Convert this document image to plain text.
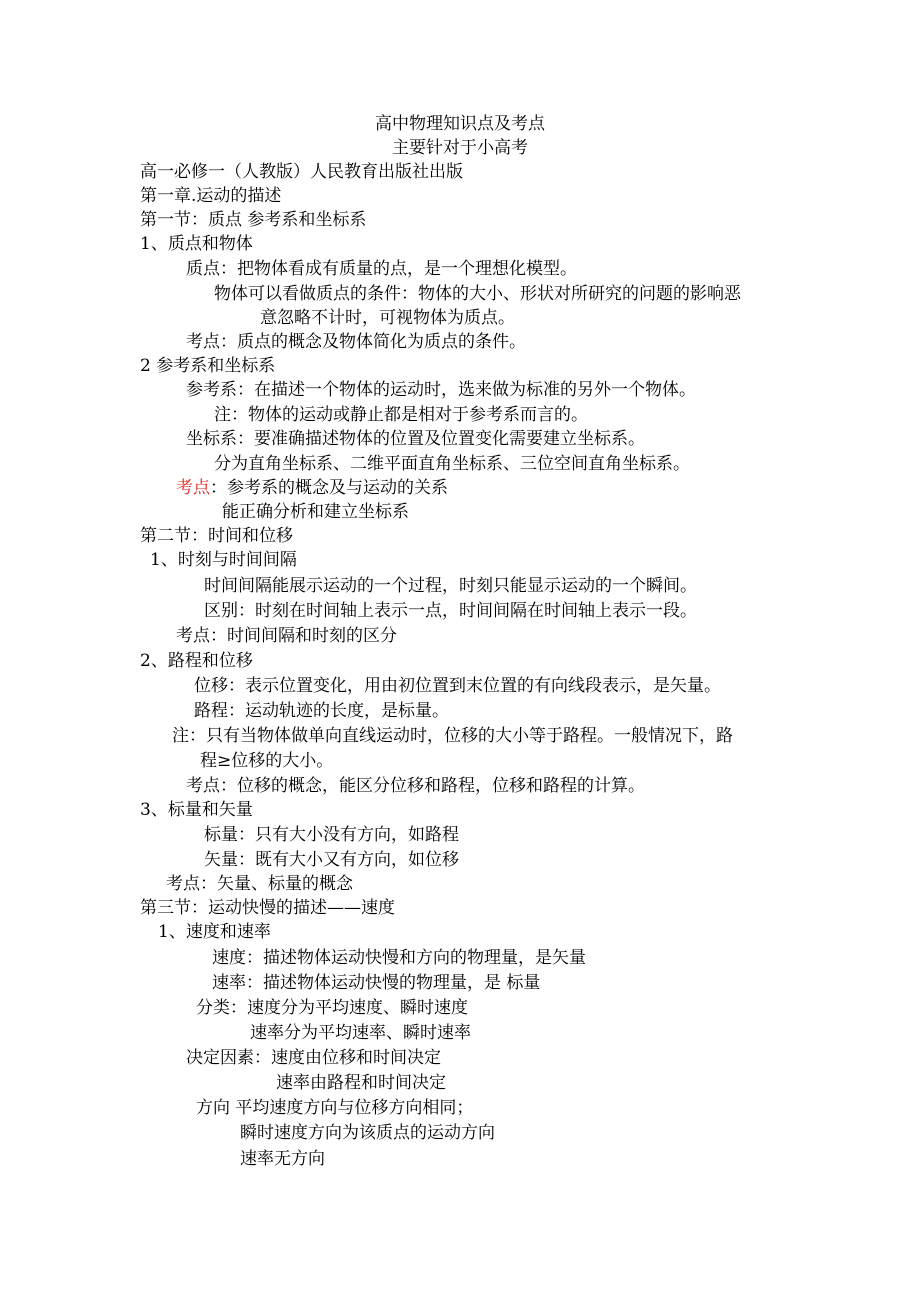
高中物理知识点及考点

主要针对于小高考

高一必修一（人教版）人民教育出版社出版

第一章.运动的描述

第一节：质点 参考系和坐标系

1、质点和物体

质点：把物体看成有质量的点，是一个理想化模型。

物体可以看做质点的条件：物体的大小、形状对所研究的问题的影响恶

意忽略不计时，可视物体为质点。

考点：质点的概念及物体简化为质点的条件。

2 参考系和坐标系

参考系：在描述一个物体的运动时，选来做为标准的另外一个物体。

注：物体的运动或静止都是相对于参考系而言的。

坐标系：要准确描述物体的位置及位置变化需要建立坐标系。

分为直角坐标系、二维平面直角坐标系、三位空间直角坐标系。

考点：参考系的概念及与运动的关系

能正确分析和建立坐标系

第二节：时间和位移

1、时刻与时间间隔

时间间隔能展示运动的一个过程，时刻只能显示运动的一个瞬间。

区别：时刻在时间轴上表示一点，时间间隔在时间轴上表示一段。

考点：时间间隔和时刻的区分

2、路程和位移

位移：表示位置变化，用由初位置到末位置的有向线段表示，是矢量。

路程：运动轨迹的长度，是标量。

注：只有当物体做单向直线运动时，位移的大小等于路程。一般情况下，路

程≥位移的大小。

考点：位移的概念，能区分位移和路程，位移和路程的计算。

3、标量和矢量

标量：只有大小没有方向，如路程

矢量：既有大小又有方向，如位移

考点：矢量、标量的概念

第三节：运动快慢的描述——速度

1、速度和速率

速度：描述物体运动快慢和方向的物理量，是矢量

速率：描述物体运动快慢的物理量，是 标量

分类：速度分为平均速度、瞬时速度

速率分为平均速率、瞬时速率

决定因素：速度由位移和时间决定

速率由路程和时间决定

方向 平均速度方向与位移方向相同；

瞬时速度方向为该质点的运动方向

速率无方向
